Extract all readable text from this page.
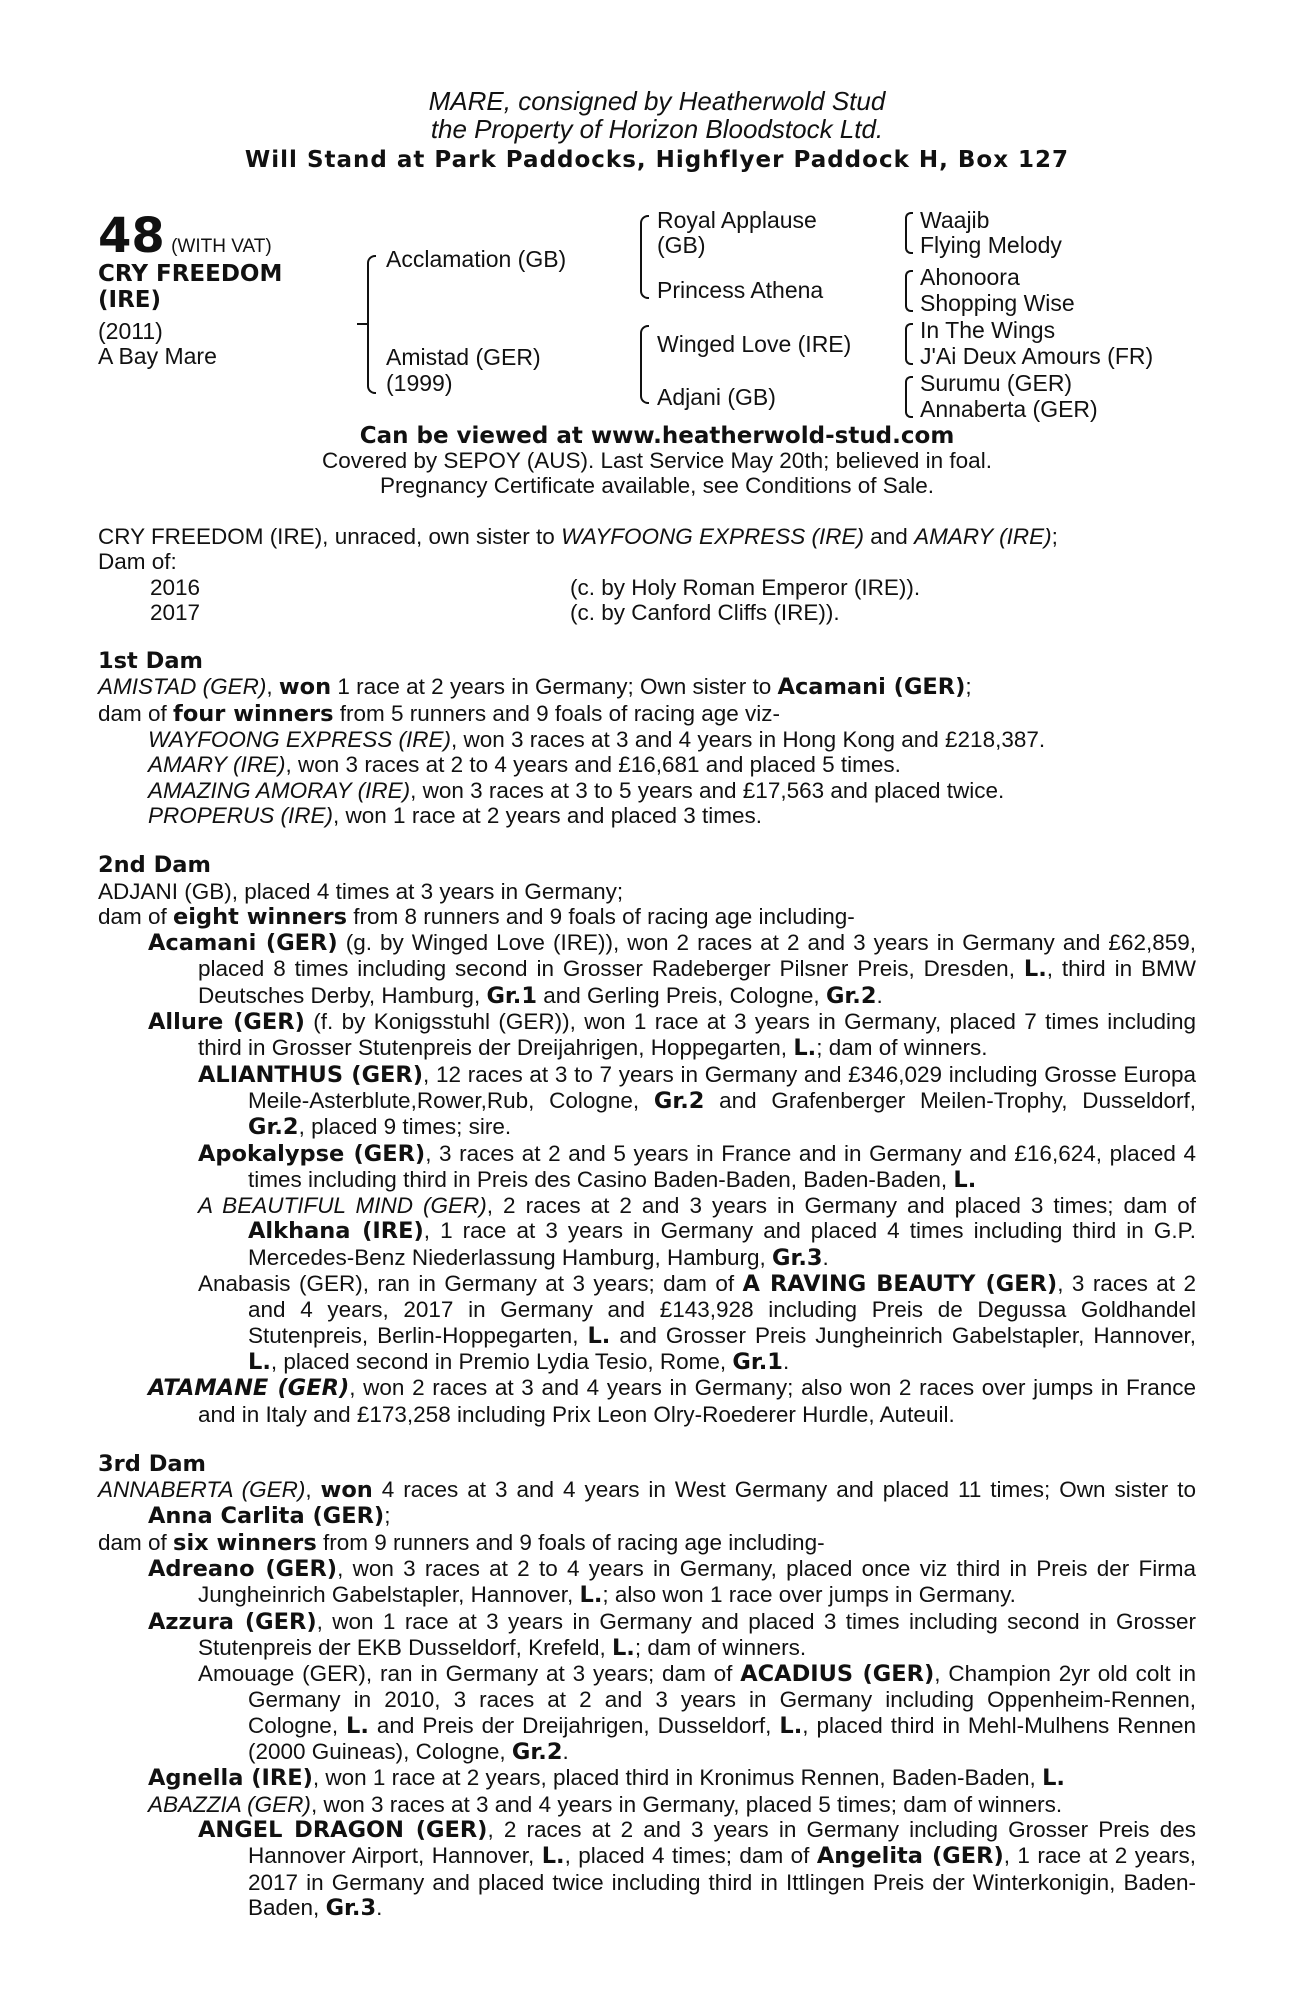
MARE, consigned by Heatherwold Stud
the Property of Horizon Bloodstock Ltd.
Will Stand at Park Paddocks, Highflyer Paddock H, Box 127
48 (WITH VAT)
CRY FREEDOM
(IRE)
(2011)
A Bay Mare
Acclamation (GB)
Amistad (GER)
(1999)
Royal Applause
(GB)
Princess Athena
Winged Love (IRE)
Adjani (GB)
Waajib
Flying Melody
Ahonoora
Shopping Wise
In The Wings
J'Ai Deux Amours (FR)
Surumu (GER)
Annaberta (GER)
Can be viewed at www.heatherwold-stud.com
Covered by SEPOY (AUS). Last Service May 20th; believed in foal.
Pregnancy Certificate available, see Conditions of Sale.

CRY FREEDOM (IRE), unraced, own sister to WAYFOONG EXPRESS (IRE) and AMARY (IRE);

Dam of:

2016	(c. by Holy Roman Emperor (IRE)).
2017	(c. by Canford Cliffs (IRE)).

1st Dam

AMISTAD (GER), won 1 race at 2 years in Germany; Own sister to Acamani (GER);

dam of four winners from 5 runners and 9 foals of racing age viz-

WAYFOONG EXPRESS (IRE), won 3 races at 3 and 4 years in Hong Kong and £218,387.

AMARY (IRE), won 3 races at 2 to 4 years and £16,681 and placed 5 times.

AMAZING AMORAY (IRE), won 3 races at 3 to 5 years and £17,563 and placed twice.

PROPERUS (IRE), won 1 race at 2 years and placed 3 times.

2nd Dam

ADJANI (GB), placed 4 times at 3 years in Germany;

dam of eight winners from 8 runners and 9 foals of racing age including-

Acamani (GER) (g. by Winged Love (IRE)), won 2 races at 2 and 3 years in Germany and £62,859, placed 8 times including second in Grosser Radeberger Pilsner Preis, Dresden, L., third in BMW Deutsches Derby, Hamburg, Gr.1 and Gerling Preis, Cologne, Gr.2.

Allure (GER) (f. by Konigsstuhl (GER)), won 1 race at 3 years in Germany, placed 7 times including third in Grosser Stutenpreis der Dreijahrigen, Hoppegarten, L.; dam of winners.

ALIANTHUS (GER), 12 races at 3 to 7 years in Germany and £346,029 including Grosse Europa Meile-Asterblute,Rower,Rub, Cologne, Gr.2 and Grafenberger Meilen-Trophy, Dusseldorf, Gr.2, placed 9 times; sire.

Apokalypse (GER), 3 races at 2 and 5 years in France and in Germany and £16,624, placed 4 times including third in Preis des Casino Baden-Baden, Baden-Baden, L.

A BEAUTIFUL MIND (GER), 2 races at 2 and 3 years in Germany and placed 3 times; dam of Alkhana (IRE), 1 race at 3 years in Germany and placed 4 times including third in G.P. Mercedes-Benz Niederlassung Hamburg, Hamburg, Gr.3.

Anabasis (GER), ran in Germany at 3 years; dam of A RAVING BEAUTY (GER), 3 races at 2 and 4 years, 2017 in Germany and £143,928 including Preis de Degussa Goldhandel Stutenpreis, Berlin-Hoppegarten, L. and Grosser Preis Jungheinrich Gabelstapler, Hannover, L., placed second in Premio Lydia Tesio, Rome, Gr.1.

ATAMANE (GER), won 2 races at 3 and 4 years in Germany; also won 2 races over jumps in France and in Italy and £173,258 including Prix Leon Olry-Roederer Hurdle, Auteuil.

3rd Dam

ANNABERTA (GER), won 4 races at 3 and 4 years in West Germany and placed 11 times; Own sister to Anna Carlita (GER);

dam of six winners from 9 runners and 9 foals of racing age including-

Adreano (GER), won 3 races at 2 to 4 years in Germany, placed once viz third in Preis der Firma Jungheinrich Gabelstapler, Hannover, L.; also won 1 race over jumps in Germany.

Azzura (GER), won 1 race at 3 years in Germany and placed 3 times including second in Grosser Stutenpreis der EKB Dusseldorf, Krefeld, L.; dam of winners.

Amouage (GER), ran in Germany at 3 years; dam of ACADIUS (GER), Champion 2yr old colt in Germany in 2010, 3 races at 2 and 3 years in Germany including Oppenheim-Rennen, Cologne, L. and Preis der Dreijahrigen, Dusseldorf, L., placed third in Mehl-Mulhens Rennen (2000 Guineas), Cologne, Gr.2.

Agnella (IRE), won 1 race at 2 years, placed third in Kronimus Rennen, Baden-Baden, L.

ABAZZIA (GER), won 3 races at 3 and 4 years in Germany, placed 5 times; dam of winners.

ANGEL DRAGON (GER), 2 races at 2 and 3 years in Germany including Grosser Preis des Hannover Airport, Hannover, L., placed 4 times; dam of Angelita (GER), 1 race at 2 years, 2017 in Germany and placed twice including third in Ittlingen Preis der Winterkonigin, Baden-Baden, Gr.3.
